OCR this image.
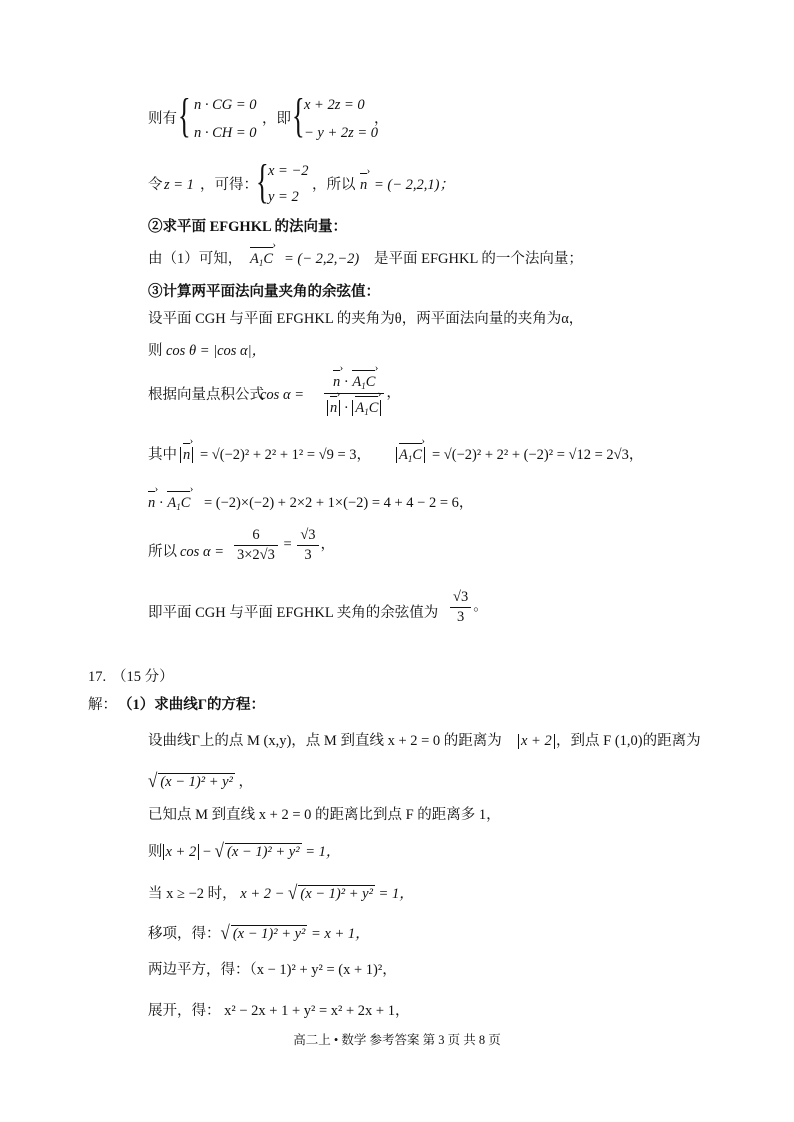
则有 { n · CG = 0
n · CH = 0
，即 { x + 2z = 0
− y + 2z = 0
，
令 z = 1 ，可得：
{ x = −2
y = 2
，所以 n › = (− 2,2,1)；
②求平面 EFGHKL 的法向量：
由（1）可知， $A_1C$ › = (− 2,2,−2) 是平面 EFGHKL 的一个法向量；
③计算两平面法向量夹角的余弦值：
设平面 CGH 与平面 EFGHKL 的夹角为θ，两平面法向量的夹角为α，
则 cos θ = |cos α|，
根据向量点积公式
$\cos \alpha = \frac{n › \cdot A_1C ›}{n › \cdot A_1C}$ › ，
其中 n › = √(−2)² + 2² + 1² = √9 = 3， $A_1C$ › = √(−2)² + 2² + (−2)² = √12 = 2√3，
n › · $A_1C$ › = (−2)×(−2) + 2×2 + 1×(−2) = 4 + 4 − 2 = 6，
所以 $\cos \alpha = \frac{6}{3\times 2√3} = \frac{√3}{3}$ ，
即平面 CGH 与平面 EFGHKL 夹角的余弦值为 $\frac{√3}{3}$ 。
17. （15 分）
解： （1）求曲线Γ的方程：
设曲线Γ上的点 M (x,y)，点 M 到直线 x + 2 = 0 的距离为 x + 2 ，到点 F (1,0)的距离为
√ (x − 1)² + y² ，
已知点 M 到直线 x + 2 = 0 的距离比到点 F 的距离多 1，
则 x + 2 − √ (x − 1)² + y² = 1，
当 x ≥ −2 时， x + 2 − √ (x − 1)² + y² = 1，
移项，得：√ (x − 1)² + y² = x + 1，
两边平方，得：（x − 1)² + y² = (x + 1)²，
展开，得： x² − 2x + 1 + y² = x² + 2x + 1，
高二上 • 数学 参考答案 第 3 页 共 8 页
